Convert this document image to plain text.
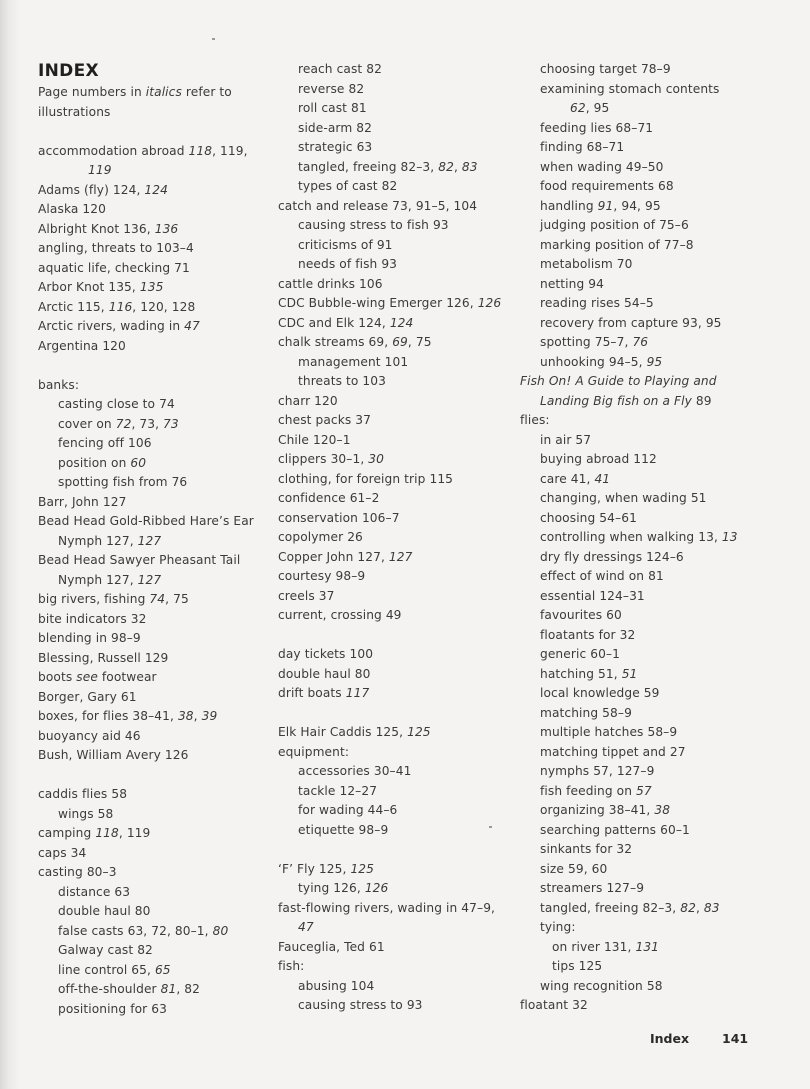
INDEX
Page numbers in italics refer to
illustrations
accommodation abroad 118, 119,
119
Adams (fly) 124, 124
Alaska 120
Albright Knot 136, 136
angling, threats to 103–4
aquatic life, checking 71
Arbor Knot 135, 135
Arctic 115, 116, 120, 128
Arctic rivers, wading in 47
Argentina 120
banks:
casting close to 74
cover on 72, 73, 73
fencing off 106
position on 60
spotting fish from 76
Barr, John 127
Bead Head Gold-Ribbed Hare’s Ear
Nymph 127, 127
Bead Head Sawyer Pheasant Tail
Nymph 127, 127
big rivers, fishing 74, 75
bite indicators 32
blending in 98–9
Blessing, Russell 129
boots see footwear
Borger, Gary 61
boxes, for flies 38–41, 38, 39
buoyancy aid 46
Bush, William Avery 126
caddis flies 58
wings 58
camping 118, 119
caps 34
casting 80–3
distance 63
double haul 80
false casts 63, 72, 80–1, 80
Galway cast 82
line control 65, 65
off-the-shoulder 81, 82
positioning for 63
reach cast 82
reverse 82
roll cast 81
side-arm 82
strategic 63
tangled, freeing 82–3, 82, 83
types of cast 82
catch and release 73, 91–5, 104
causing stress to fish 93
criticisms of 91
needs of fish 93
cattle drinks 106
CDC Bubble-wing Emerger 126, 126
CDC and Elk 124, 124
chalk streams 69, 69, 75
management 101
threats to 103
charr 120
chest packs 37
Chile 120–1
clippers 30–1, 30
clothing, for foreign trip 115
confidence 61–2
conservation 106–7
copolymer 26
Copper John 127, 127
courtesy 98–9
creels 37
current, crossing 49
day tickets 100
double haul 80
drift boats 117
Elk Hair Caddis 125, 125
equipment:
accessories 30–41
tackle 12–27
for wading 44–6
etiquette 98–9
‘F’ Fly 125, 125
tying 126, 126
fast-flowing rivers, wading in 47–9,
47
Fauceglia, Ted 61
fish:
abusing 104
causing stress to 93
choosing target 78–9
examining stomach contents
62, 95
feeding lies 68–71
finding 68–71
when wading 49–50
food requirements 68
handling 91, 94, 95
judging position of 75–6
marking position of 77–8
metabolism 70
netting 94
reading rises 54–5
recovery from capture 93, 95
spotting 75–7, 76
unhooking 94–5, 95
Fish On! A Guide to Playing and
Landing Big fish on a Fly 89
flies:
in air 57
buying abroad 112
care 41, 41
changing, when wading 51
choosing 54–61
controlling when walking 13, 13
dry fly dressings 124–6
effect of wind on 81
essential 124–31
favourites 60
floatants for 32
generic 60–1
hatching 51, 51
local knowledge 59
matching 58–9
multiple hatches 58–9
matching tippet and 27
nymphs 57, 127–9
fish feeding on 57
organizing 38–41, 38
searching patterns 60–1
sinkants for 32
size 59, 60
streamers 127–9
tangled, freeing 82–3, 82, 83
tying:
on river 131, 131
tips 125
wing recognition 58
floatant 32
Index	141
